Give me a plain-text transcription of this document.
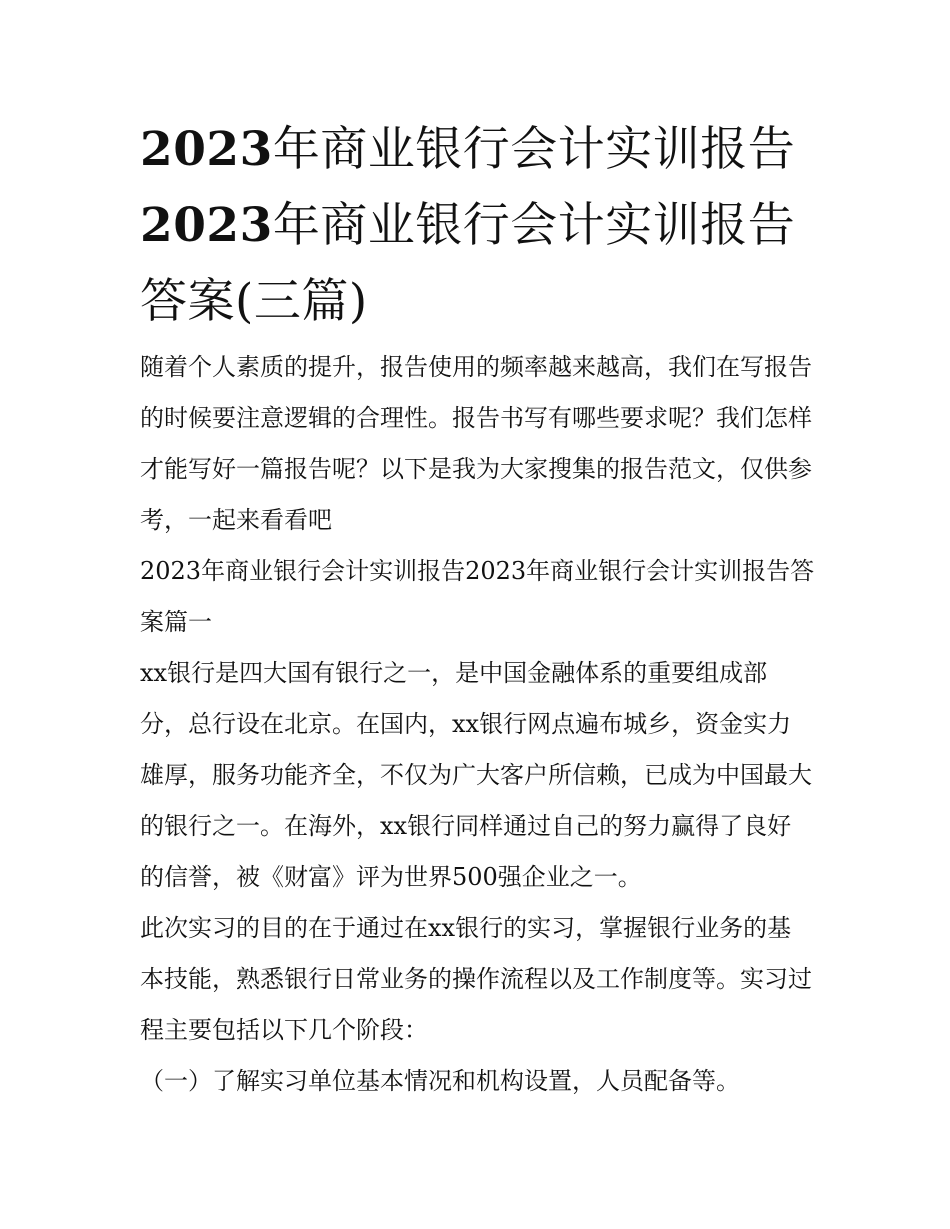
2023年商业银行会计实训报告
2023年商业银行会计实训报告
答案(三篇)

随着个人素质的提升，报告使用的频率越来越高，我们在写报告的时候要注意逻辑的合理性。报告书写有哪些要求呢？我们怎样才能写好一篇报告呢？以下是我为大家搜集的报告范文，仅供参考，一起来看看吧

2023年商业银行会计实训报告2023年商业银行会计实训报告答案篇一

xx银行是四大国有银行之一，是中国金融体系的重要组成部分，总行设在北京。在国内，xx银行网点遍布城乡，资金实力雄厚，服务功能齐全，不仅为广大客户所信赖，已成为中国最大的银行之一。在海外，xx银行同样通过自己的努力赢得了良好的信誉，被《财富》评为世界500强企业之一。

此次实习的目的在于通过在xx银行的实习，掌握银行业务的基本技能，熟悉银行日常业务的操作流程以及工作制度等。实习过程主要包括以下几个阶段：

（一）了解实习单位基本情况和机构设置，人员配备等。
